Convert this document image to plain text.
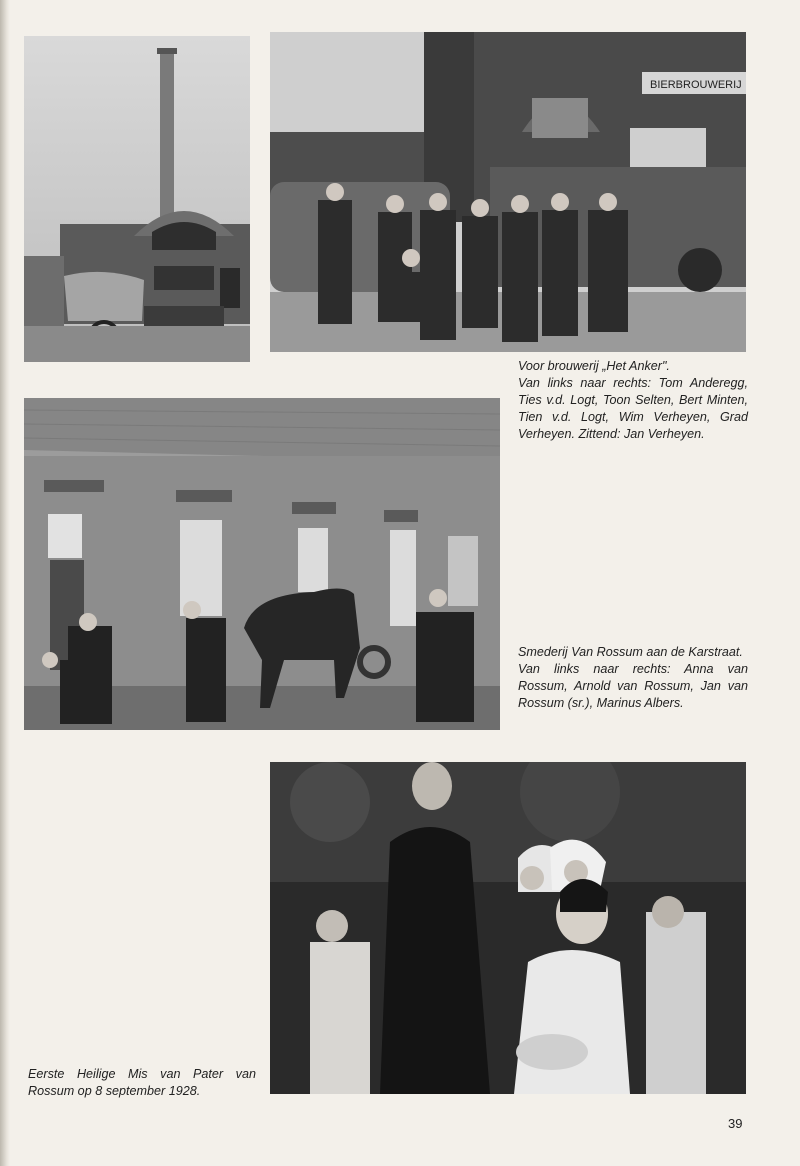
BIERBROUWERIJ

Voor brouwerij „Het Anker".

Van links naar rechts: Tom Anderegg, Ties v.d. Logt, Toon Selten, Bert Minten, Tien v.d. Logt, Wim Verheyen, Grad Verheyen. Zittend: Jan Verheyen.

Smederij Van Rossum aan de Karstraat.

Van links naar rechts: Anna van Rossum, Arnold van Rossum, Jan van Rossum (sr.), Marinus Albers.

Eerste Heilige Mis van Pater van Rossum op 8 september 1928.

39
